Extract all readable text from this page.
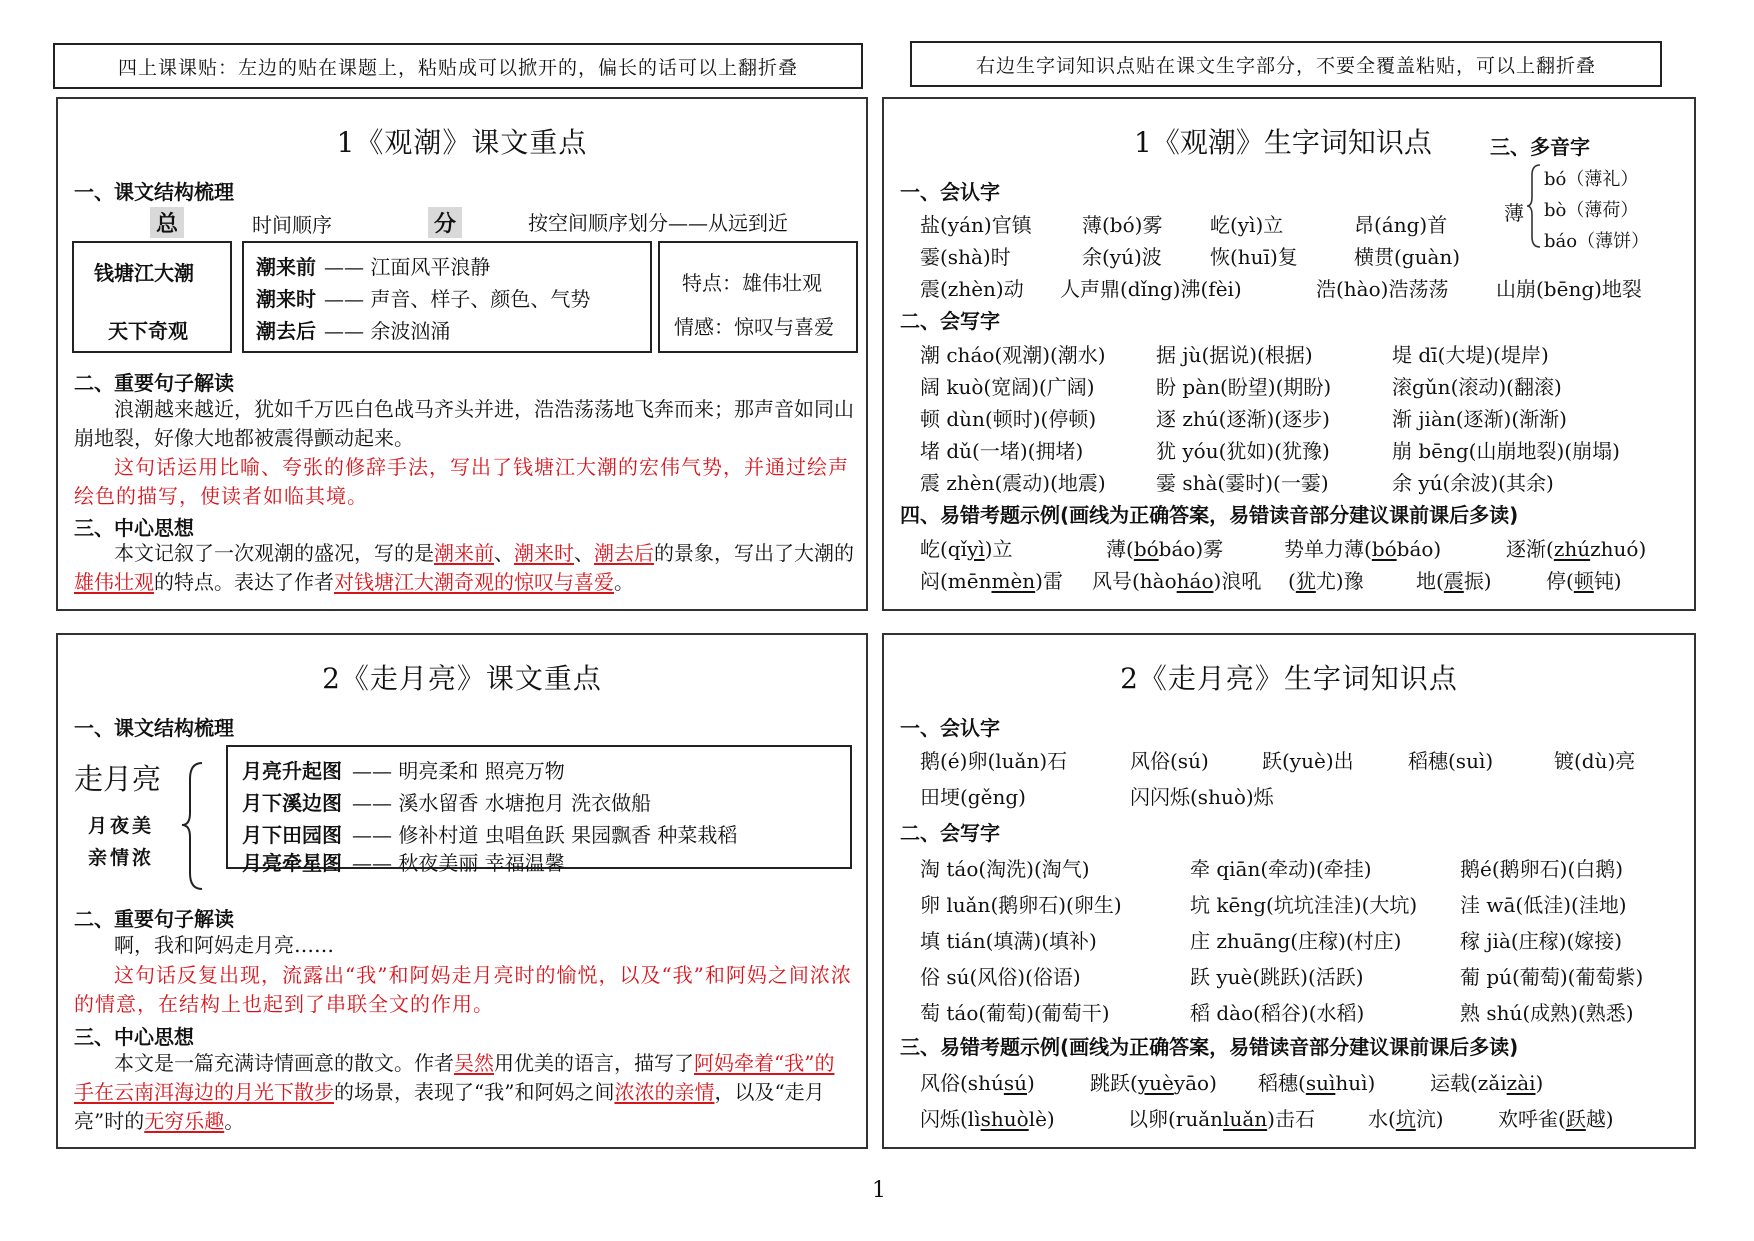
四上课课贴：左边的贴在课题上，粘贴成可以掀开的，偏长的话可以上翻折叠	右边生字词知识点贴在课文生字部分，不要全覆盖粘贴，可以上翻折叠
1《观潮》课文重点
一、课文结构梳理
总	时间顺序	分	按空间顺序划分——从远到近
钱塘江大潮
天下奇观
潮来前 —— 江面风平浪静
潮来时 —— 声音、样子、颜色、气势
潮去后 —— 余波汹涌
特点：雄伟壮观
情感：惊叹与喜爱
二、重要句子解读
浪潮越来越近，犹如千万匹白色战马齐头并进，浩浩荡荡地飞奔而来；那声音如同山崩地裂，好像大地都被震得颤动起来。
这句话运用比喻、夸张的修辞手法，写出了钱塘江大潮的宏伟气势，并通过绘声绘色的描写，使读者如临其境。
三、中心思想
本文记叙了一次观潮的盛况，写的是潮来前、潮来时、潮去后的景象，写出了大潮的雄伟壮观的特点。表达了作者对钱塘江大潮奇观的惊叹与喜爱。
1《观潮》生字词知识点	三、多音字
薄
bó（薄礼）
bò（薄荷）
báo（薄饼）
一、会认字
盐(yán)官镇	薄(bó)雾 屹(yì)立	昂(áng)首
霎(shà)时	余(yú)波 恢(huī)复	横贯(guàn)
震(zhèn)动 人声鼎(dǐng)沸(fèi)	浩(hào)浩荡荡 山崩(bēng)地裂
二、会写字
潮 cháo(观潮)(潮水)	据 jù(据说)(根据)	堤 dī(大堤)(堤岸)
阔 kuò(宽阔)(广阔)	盼 pàn(盼望)(期盼)	滚gǔn(滚动)(翻滚)
顿 dùn(顿时)(停顿)	逐 zhú(逐渐)(逐步)	渐 jiàn(逐渐)(渐渐)
堵 dǔ(一堵)(拥堵)	犹 yóu(犹如)(犹豫)	崩 bēng(山崩地裂)(崩塌)
震 zhèn(震动)(地震)	霎 shà(霎时)(一霎)	余 yú(余波)(其余)
四、易错考题示例(画线为正确答案，易错读音部分建议课前课后多读)
屹(qǐyì)立	薄(bóbáo)雾	势单力薄(bóbáo)	逐渐(zhúzhuó)
闷(mēnmèn)雷	风号(hàoháo)浪吼	(犹尤)豫	地(震振)	停(顿钝)
2《走月亮》课文重点
一、课文结构梳理
走月亮
月夜美
亲情浓
月亮升起图 —— 明亮柔和 照亮万物
月下溪边图 —— 溪水留香 水塘抱月 洗衣做船
月下田园图 —— 修补村道 虫唱鱼跃 果园飘香 种菜栽稻
月亮牵星图 —— 秋夜美丽 幸福温馨
二、重要句子解读
啊，我和阿妈走月亮……
这句话反复出现，流露出“我”和阿妈走月亮时的愉悦，以及“我”和阿妈之间浓浓的情意，在结构上也起到了串联全文的作用。
三、中心思想
本文是一篇充满诗情画意的散文。作者吴然用优美的语言，描写了阿妈牵着“我”的手在云南洱海边的月光下散步的场景，表现了“我”和阿妈之间浓浓的亲情，以及“走月亮”时的无穷乐趣。
2《走月亮》生字词知识点
一、会认字
鹅(é)卵(luǎn)石	风俗(sú)	跃(yuè)出	稻穗(suì)	镀(dù)亮
田埂(gěng)	闪闪烁(shuò)烁
二、会写字
淘 táo(淘洗)(淘气)	牵 qiān(牵动)(牵挂)	鹅é(鹅卵石)(白鹅)
卵 luǎn(鹅卵石)(卵生)	坑 kēng(坑坑洼洼)(大坑) 洼 wā(低洼)(洼地)
填 tián(填满)(填补)	庄 zhuāng(庄稼)(村庄)	稼 jià(庄稼)(嫁接)
俗 sú(风俗)(俗语)	跃 yuè(跳跃)(活跃)	葡 pú(葡萄)(葡萄紫)
萄 táo(葡萄)(葡萄干)	稻 dào(稻谷)(水稻)	熟 shú(成熟)(熟悉)
三、易错考题示例(画线为正确答案，易错读音部分建议课前课后多读)
风俗(shúsú)	跳跃(yuèyāo)	稻穗(suìhuì)	运载(zǎizài)
闪烁(lìshuòlè)	以卵(ruǎnluǎn)击石	水(坑沆)	欢呼雀(跃越)
1
